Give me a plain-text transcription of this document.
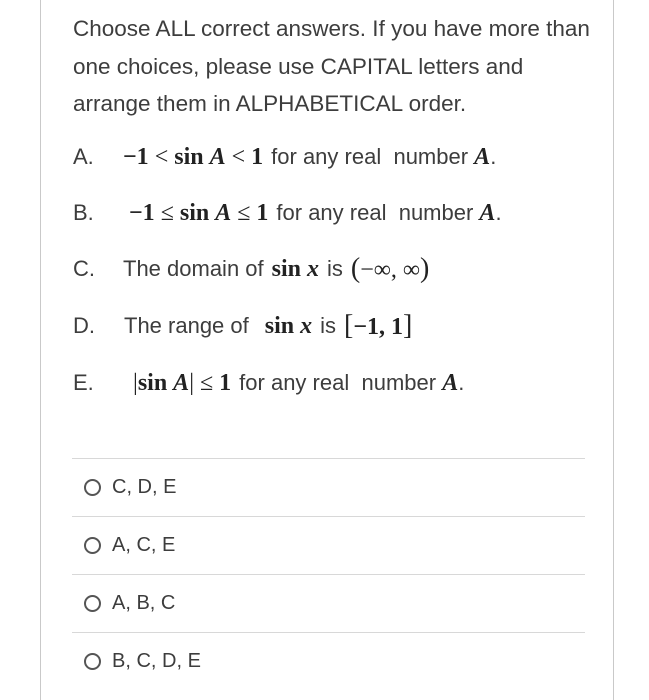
Choose ALL correct answers. If you have more than one choices, please use CAPITAL letters and arrange them in ALPHABETICAL order.

A.	−1 < sin A < 1 for any real
number
A .
B.	−1 ≤ sin A ≤ 1 for any real
number
A .
C.	The domain of sin x is (−∞, ∞)
D.	The range of sin x is [−1, 1]
E.	|sin A| ≤ 1 for any real
number
A .
C, D, E
A, C, E
A, B, C
B, C, D, E
